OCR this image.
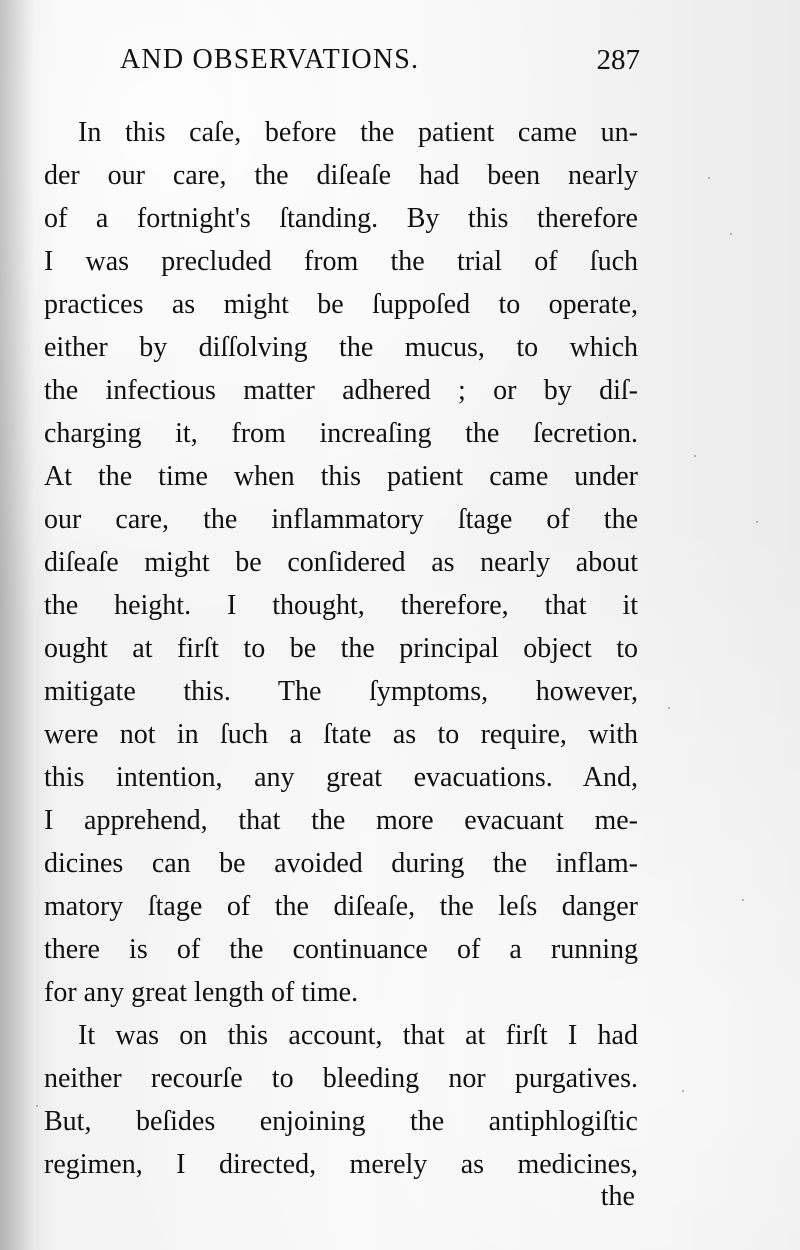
AND OBSERVATIONS.	287
In this caſe, before the patient came un-
der our care, the diſeaſe had been nearly
of a fortnight's ſtanding. By this therefore
I was precluded from the trial of ſuch
practices as might be ſuppoſed to operate,
either by diſſolving the mucus, to which
the infectious matter adhered ; or by diſ-
charging it, from increaſing the ſecretion.
At the time when this patient came under
our care, the inflammatory ſtage of the
diſeaſe might be conſidered as nearly about
the height. I thought, therefore, that it
ought at firſt to be the principal object to
mitigate this. The ſymptoms, however,
were not in ſuch a ſtate as to require, with
this intention, any great evacuations. And,
I apprehend, that the more evacuant me-
dicines can be avoided during the inflam-
matory ſtage of the diſeaſe, the leſs danger
there is of the continuance of a running
for any great length of time.
It was on this account, that at firſt I had
neither recourſe to bleeding nor purgatives.
But, beſides enjoining the antiphlogiſtic
regimen, I directed, merely as medicines,
the
